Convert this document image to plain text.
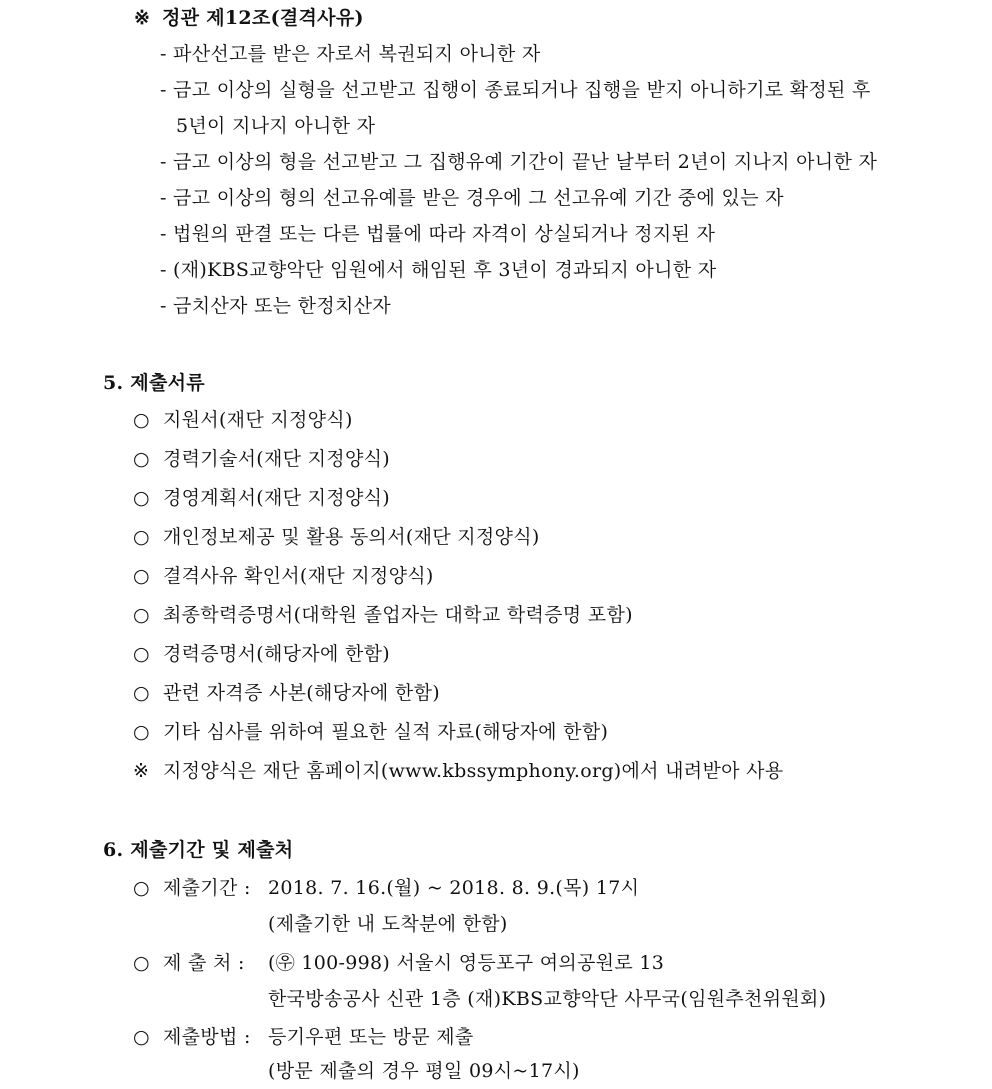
※ 정관 제12조(결격사유)
- 파산선고를 받은 자로서 복권되지 아니한 자
- 금고 이상의 실형을 선고받고 집행이 종료되거나 집행을 받지 아니하기로 확정된 후
5년이 지나지 아니한 자
- 금고 이상의 형을 선고받고 그 집행유예 기간이 끝난 날부터 2년이 지나지 아니한 자
- 금고 이상의 형의 선고유예를 받은 경우에 그 선고유예 기간 중에 있는 자
- 법원의 판결 또는 다른 법률에 따라 자격이 상실되거나 정지된 자
- (재)KBS교향악단 임원에서 해임된 후 3년이 경과되지 아니한 자
- 금치산자 또는 한정치산자
5. 제출서류
○ 지원서(재단 지정양식)
○ 경력기술서(재단 지정양식)
○ 경영계획서(재단 지정양식)
○ 개인정보제공 및 활용 동의서(재단 지정양식)
○ 결격사유 확인서(재단 지정양식)
○ 최종학력증명서(대학원 졸업자는 대학교 학력증명 포함)
○ 경력증명서(해당자에 한함)
○ 관련 자격증 사본(해당자에 한함)
○ 기타 심사를 위하여 필요한 실적 자료(해당자에 한함)
※ 지정양식은 재단 홈페이지(www.kbssymphony.org)에서 내려받아 사용
6. 제출기간 및 제출처
○ 제출기간 : 2018. 7. 16.(월) ~ 2018. 8. 9.(목) 17시
(제출기한 내 도착분에 한함)
○ 제 출 처 : (㉾ 100-998) 서울시 영등포구 여의공원로 13
한국방송공사 신관 1층 (재)KBS교향악단 사무국(임원추천위원회)
○ 제출방법 : 등기우편 또는 방문 제출
(방문 제출의 경우 평일 09시~17시)
